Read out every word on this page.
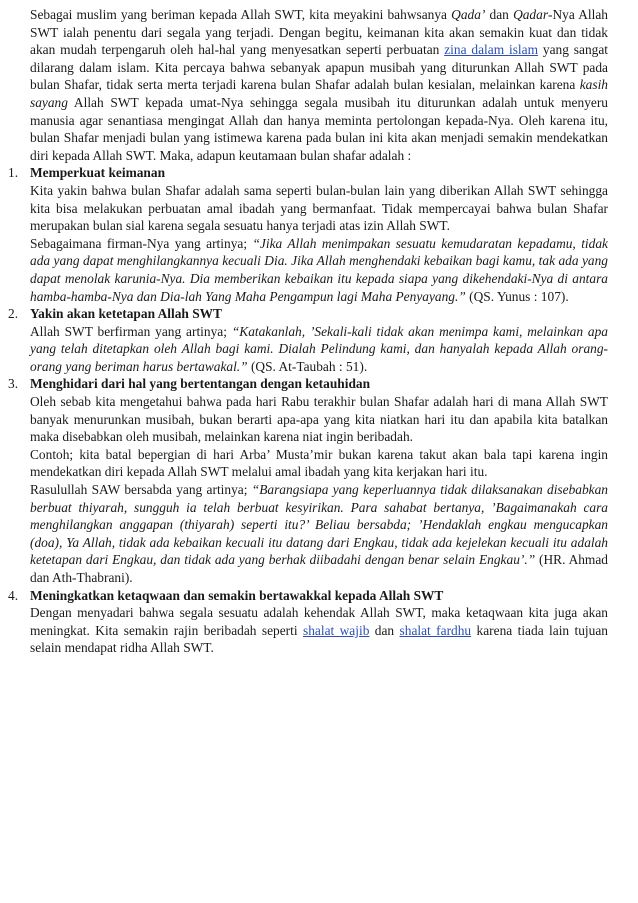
Sebagai muslim yang beriman kepada Allah SWT, kita meyakini bahwsanya Qada’ dan Qadar-Nya Allah SWT ialah penentu dari segala yang terjadi. Dengan begitu, keimanan kita akan semakin kuat dan tidak akan mudah terpengaruh oleh hal-hal yang menyesatkan seperti perbuatan zina dalam islam yang sangat dilarang dalam islam. Kita percaya bahwa sebanyak apapun musibah yang diturunkan Allah SWT pada bulan Shafar, tidak serta merta terjadi karena bulan Shafar adalah bulan kesialan, melainkan karena kasih sayang Allah SWT kepada umat-Nya sehingga segala musibah itu diturunkan adalah untuk menyeru manusia agar senantiasa mengingat Allah dan hanya meminta pertolongan kepada-Nya. Oleh karena itu, bulan Shafar menjadi bulan yang istimewa karena pada bulan ini kita akan menjadi semakin mendekatkan diri kepada Allah SWT. Maka, adapun keutamaan bulan shafar adalah :

1. Memperkuat keimanan

Kita yakin bahwa bulan Shafar adalah sama seperti bulan-bulan lain yang diberikan Allah SWT sehingga kita bisa melakukan perbuatan amal ibadah yang bermanfaat. Tidak mempercayai bahwa bulan Shafar merupakan bulan sial karena segala sesuatu hanya terjadi atas izin Allah SWT.

Sebagaimana firman-Nya yang artinya; “Jika Allah menimpakan sesuatu kemudaratan kepadamu, tidak ada yang dapat menghilangkannya kecuali Dia. Jika Allah menghendaki kebaikan bagi kamu, tak ada yang dapat menolak karunia-Nya. Dia memberikan kebaikan itu kepada siapa yang dikehendaki-Nya di antara hamba-hamba-Nya dan Dia-lah Yang Maha Pengampun lagi Maha Penyayang.” (QS. Yunus : 107).

2. Yakin akan ketetapan Allah SWT

Allah SWT berfirman yang artinya; “Katakanlah, ’Sekali-kali tidak akan menimpa kami, melainkan apa yang telah ditetapkan oleh Allah bagi kami. Dialah Pelindung kami, dan hanyalah kepada Allah orang-orang yang beriman harus bertawakal.” (QS. At-Taubah : 51).

3. Menghidari dari hal yang bertentangan dengan ketauhidan

Oleh sebab kita mengetahui bahwa pada hari Rabu terakhir bulan Shafar adalah hari di mana Allah SWT banyak menurunkan musibah, bukan berarti apa-apa yang kita niatkan hari itu dan apabila kita batalkan maka disebabkan oleh musibah, melainkan karena niat ingin beribadah.

Contoh; kita batal bepergian di hari Arba’ Musta’mir bukan karena takut akan bala tapi karena ingin mendekatkan diri kepada Allah SWT melalui amal ibadah yang kita kerjakan hari itu.

Rasulullah SAW bersabda yang artinya; “Barangsiapa yang keperluannya tidak dilaksanakan disebabkan berbuat thiyarah, sungguh ia telah berbuat kesyirikan. Para sahabat bertanya, ’Bagaimanakah cara menghilangkan anggapan (thiyarah) seperti itu?’ Beliau bersabda; ’Hendaklah engkau mengucapkan (doa), Ya Allah, tidak ada kebaikan kecuali itu datang dari Engkau, tidak ada kejelekan kecuali itu adalah ketetapan dari Engkau, dan tidak ada yang berhak diibadahi dengan benar selain Engkau’.” (HR. Ahmad dan Ath-Thabrani).

4. Meningkatkan ketaqwaan dan semakin bertawakkal kepada Allah SWT

Dengan menyadari bahwa segala sesuatu adalah kehendak Allah SWT, maka ketaqwaan kita juga akan meningkat. Kita semakin rajin beribadah seperti shalat wajib dan shalat fardhu karena tiada lain tujuan selain mendapat ridha Allah SWT.
